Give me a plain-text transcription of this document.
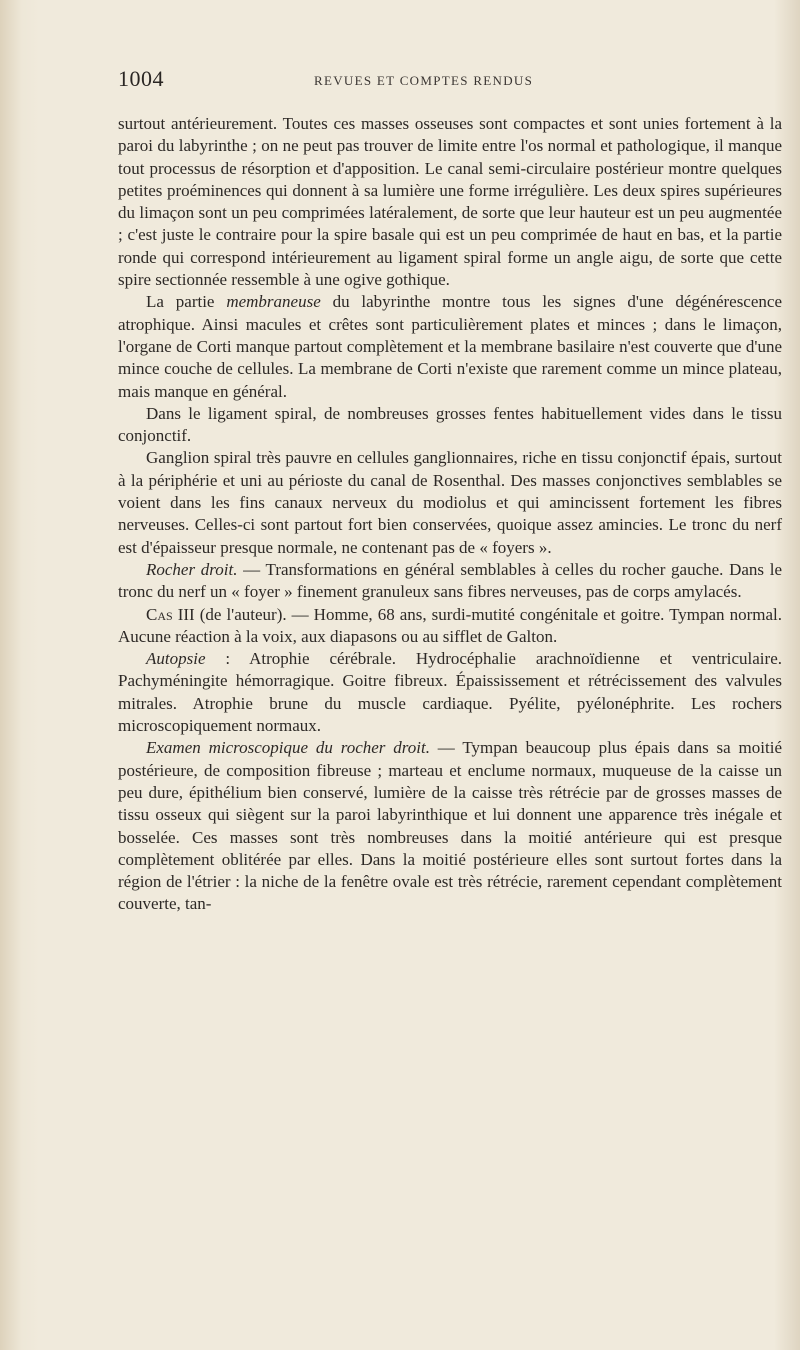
1004	REVUES ET COMPTES RENDUS

surtout antérieurement. Toutes ces masses osseuses sont compactes et sont unies fortement à la paroi du labyrinthe ; on ne peut pas trouver de limite entre l'os normal et pathologique, il manque tout processus de résorption et d'apposition. Le canal semi-circulaire postérieur montre quelques petites proéminences qui donnent à sa lumière une forme irrégulière. Les deux spires supérieures du limaçon sont un peu comprimées latéralement, de sorte que leur hauteur est un peu augmentée ; c'est juste le contraire pour la spire basale qui est un peu comprimée de haut en bas, et la partie ronde qui correspond intérieurement au ligament spiral forme un angle aigu, de sorte que cette spire sectionnée ressemble à une ogive gothique.

La partie membraneuse du labyrinthe montre tous les signes d'une dégénérescence atrophique. Ainsi macules et crêtes sont particulièrement plates et minces ; dans le limaçon, l'organe de Corti manque partout complètement et la membrane basilaire n'est couverte que d'une mince couche de cellules. La membrane de Corti n'existe que rarement comme un mince plateau, mais manque en général.

Dans le ligament spiral, de nombreuses grosses fentes habituellement vides dans le tissu conjonctif.

Ganglion spiral très pauvre en cellules ganglionnaires, riche en tissu conjonctif épais, surtout à la périphérie et uni au périoste du canal de Rosenthal. Des masses conjonctives semblables se voient dans les fins canaux nerveux du modiolus et qui amincissent fortement les fibres nerveuses. Celles-ci sont partout fort bien conservées, quoique assez amincies. Le tronc du nerf est d'épaisseur presque normale, ne contenant pas de « foyers ».

Rocher droit. — Transformations en général semblables à celles du rocher gauche. Dans le tronc du nerf un « foyer » finement granuleux sans fibres nerveuses, pas de corps amylacés.

Cas III (de l'auteur). — Homme, 68 ans, surdi-mutité congénitale et goitre. Tympan normal. Aucune réaction à la voix, aux diapasons ou au sifflet de Galton.

Autopsie : Atrophie cérébrale. Hydrocéphalie arachnoïdienne et ventriculaire. Pachyméningite hémorragique. Goitre fibreux. Épaississement et rétrécissement des valvules mitrales. Atrophie brune du muscle cardiaque. Pyélite, pyélonéphrite. Les rochers microscopiquement normaux.

Examen microscopique du rocher droit. — Tympan beaucoup plus épais dans sa moitié postérieure, de composition fibreuse ; marteau et enclume normaux, muqueuse de la caisse un peu dure, épithélium bien conservé, lumière de la caisse très rétrécie par de grosses masses de tissu osseux qui siègent sur la paroi labyrinthique et lui donnent une apparence très inégale et bosselée. Ces masses sont très nombreuses dans la moitié antérieure qui est presque complètement oblitérée par elles. Dans la moitié postérieure elles sont surtout fortes dans la région de l'étrier : la niche de la fenêtre ovale est très rétrécie, rarement cependant complètement couverte, tan-
